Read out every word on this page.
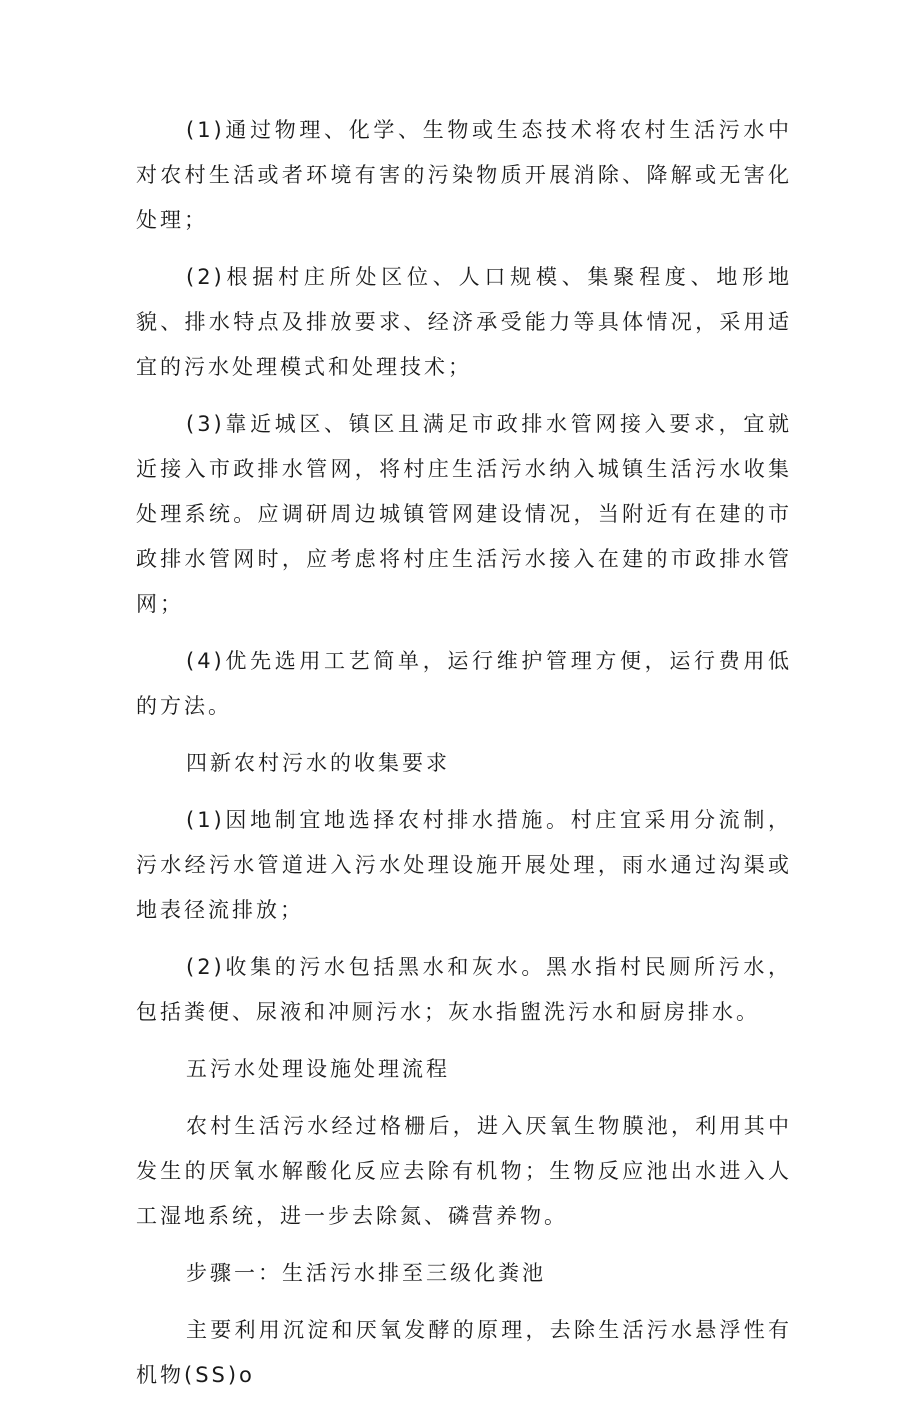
(1)通过物理、化学、生物或生态技术将农村生活污水中对农村生活或者环境有害的污染物质开展消除、降解或无害化处理；

(2)根据村庄所处区位、人口规模、集聚程度、地形地貌、排水特点及排放要求、经济承受能力等具体情况，采用适宜的污水处理模式和处理技术；

(3)靠近城区、镇区且满足市政排水管网接入要求，宜就近接入市政排水管网，将村庄生活污水纳入城镇生活污水收集处理系统。应调研周边城镇管网建设情况，当附近有在建的市政排水管网时，应考虑将村庄生活污水接入在建的市政排水管网；

(4)优先选用工艺简单，运行维护管理方便，运行费用低的方法。

四新农村污水的收集要求

(1)因地制宜地选择农村排水措施。村庄宜采用分流制，污水经污水管道进入污水处理设施开展处理，雨水通过沟渠或地表径流排放；

(2)收集的污水包括黑水和灰水。黑水指村民厕所污水，包括粪便、尿液和冲厕污水；灰水指盥洗污水和厨房排水。

五污水处理设施处理流程

农村生活污水经过格栅后，进入厌氧生物膜池，利用其中发生的厌氧水解酸化反应去除有机物；生物反应池出水进入人工湿地系统，进一步去除氮、磷营养物。

步骤一：生活污水排至三级化粪池

主要利用沉淀和厌氧发酵的原理，去除生活污水悬浮性有机物(SS)o
